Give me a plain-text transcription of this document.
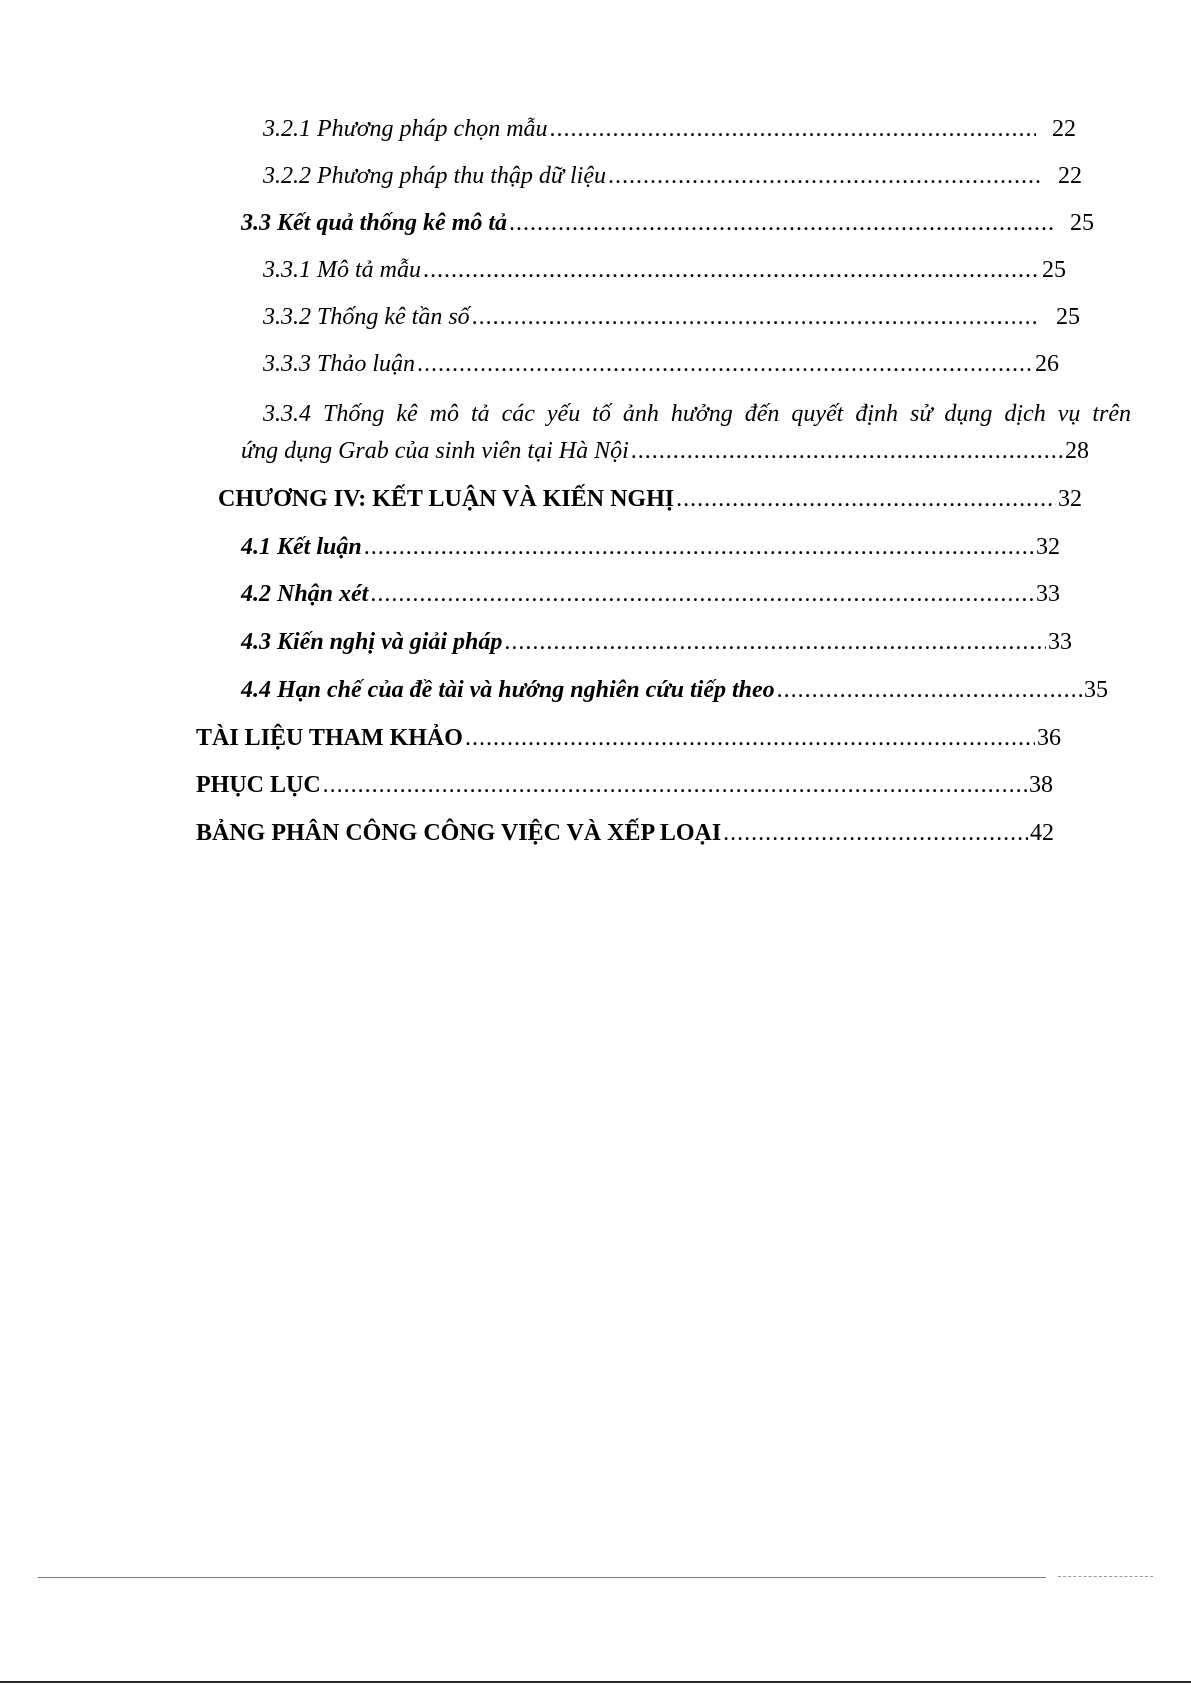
3.2.1 Phương pháp chọn mẫu .....	22
3.2.2 Phương pháp thu thập dữ liệu .....	22
3.3 Kết quả thống kê mô tả .....	25
3.3.1 Mô tả mẫu .....	25
3.3.2 Thống kê tần số .....	25
3.3.3 Thảo luận .....	26
3.3.4 Thống kê mô tả các yếu tố ảnh hưởng đến quyết định sử dụng dịch vụ trên
ứng dụng Grab của sinh viên tại Hà Nội .....	28
CHƯƠNG IV: KẾT LUẬN VÀ KIẾN NGHỊ .....	32
4.1 Kết luận .....	32
4.2 Nhận xét .....	33
4.3 Kiến nghị và giải pháp .....	33
4.4 Hạn chế của đề tài và hướng nghiên cứu tiếp theo .....	35
TÀI LIỆU THAM KHẢO .....	36
PHỤC LỤC .....	38
BẢNG PHÂN CÔNG CÔNG VIỆC VÀ XẾP LOẠI .....	42
